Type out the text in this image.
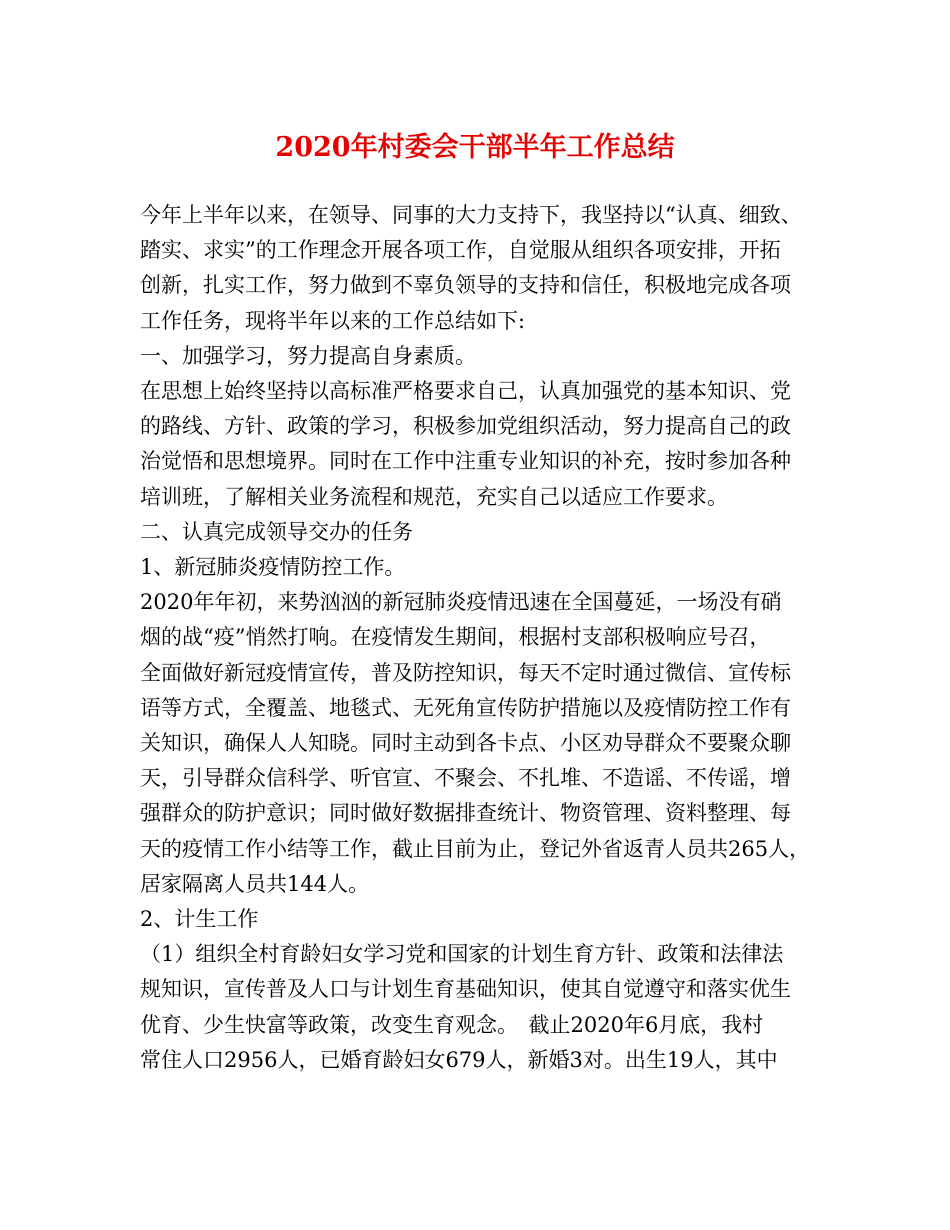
2020年村委会干部半年工作总结

今年上半年以来，在领导、同事的大力支持下，我坚持以“认真、细致、

踏实、求实”的工作理念开展各项工作，自觉服从组织各项安排，开拓

创新，扎实工作，努力做到不辜负领导的支持和信任，积极地完成各项

工作任务，现将半年以来的工作总结如下:

一、加强学习，努力提高自身素质。

在思想上始终坚持以高标准严格要求自己，认真加强党的基本知识、党

的路线、方针、政策的学习，积极参加党组织活动，努力提高自己的政

治觉悟和思想境界。同时在工作中注重专业知识的补充，按时参加各种

培训班，了解相关业务流程和规范，充实自己以适应工作要求。

二、认真完成领导交办的任务

1、新冠肺炎疫情防控工作。

2020年年初，来势汹汹的新冠肺炎疫情迅速在全国蔓延，一场没有硝

烟的战“疫”悄然打响。在疫情发生期间，根据村支部积极响应号召，

全面做好新冠疫情宣传，普及防控知识，每天不定时通过微信、宣传标

语等方式，全覆盖、地毯式、无死角宣传防护措施以及疫情防控工作有

关知识，确保人人知晓。同时主动到各卡点、小区劝导群众不要聚众聊

天，引导群众信科学、听官宣、不聚会、不扎堆、不造谣、不传谣，增

强群众的防护意识；同时做好数据排查统计、物资管理、资料整理、每

天的疫情工作小结等工作，截止目前为止，登记外省返青人员共265人，

居家隔离人员共144人。

2、计生工作

（1）组织全村育龄妇女学习党和国家的计划生育方针、政策和法律法

规知识，宣传普及人口与计划生育基础知识，使其自觉遵守和落实优生

优育、少生快富等政策，改变生育观念。　截止2020年6月底，我村

常住人口2956人，已婚育龄妇女679人，新婚3对。出生19人，其中
